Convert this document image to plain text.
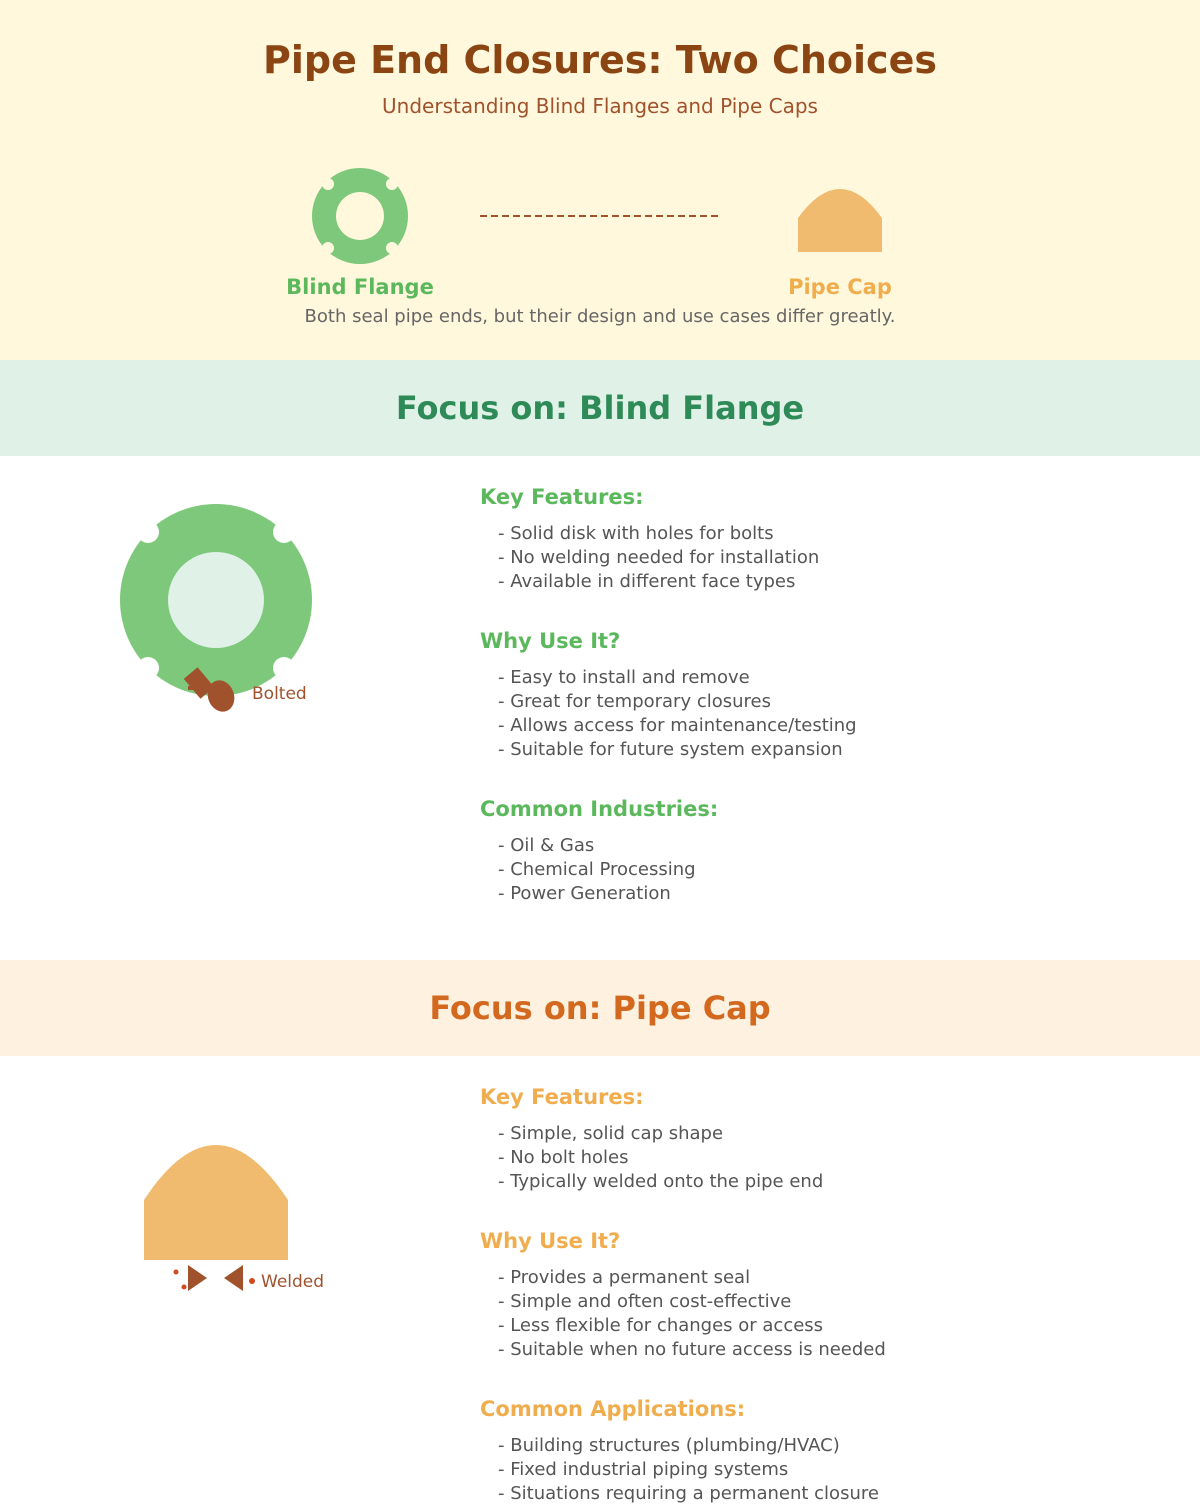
Pipe End Closures: Two Choices
Understanding Blind Flanges and Pipe Caps
Blind Flange	Pipe Cap
Both seal pipe ends, but their design and use cases differ greatly.
Focus on: Blind Flange
Bolted
Key Features:
- Solid disk with holes for bolts
- No welding needed for installation
- Available in different face types
Why Use It?
- Easy to install and remove
- Great for temporary closures
- Allows access for maintenance/testing
- Suitable for future system expansion
Common Industries:
- Oil & Gas
- Chemical Processing
- Power Generation
Focus on: Pipe Cap
Welded
Key Features:
- Simple, solid cap shape
- No bolt holes
- Typically welded onto the pipe end
Why Use It?
- Provides a permanent seal
- Simple and often cost-effective
- Less flexible for changes or access
- Suitable when no future access is needed
Common Applications:
- Building structures (plumbing/HVAC)
- Fixed industrial piping systems
- Situations requiring a permanent closure
